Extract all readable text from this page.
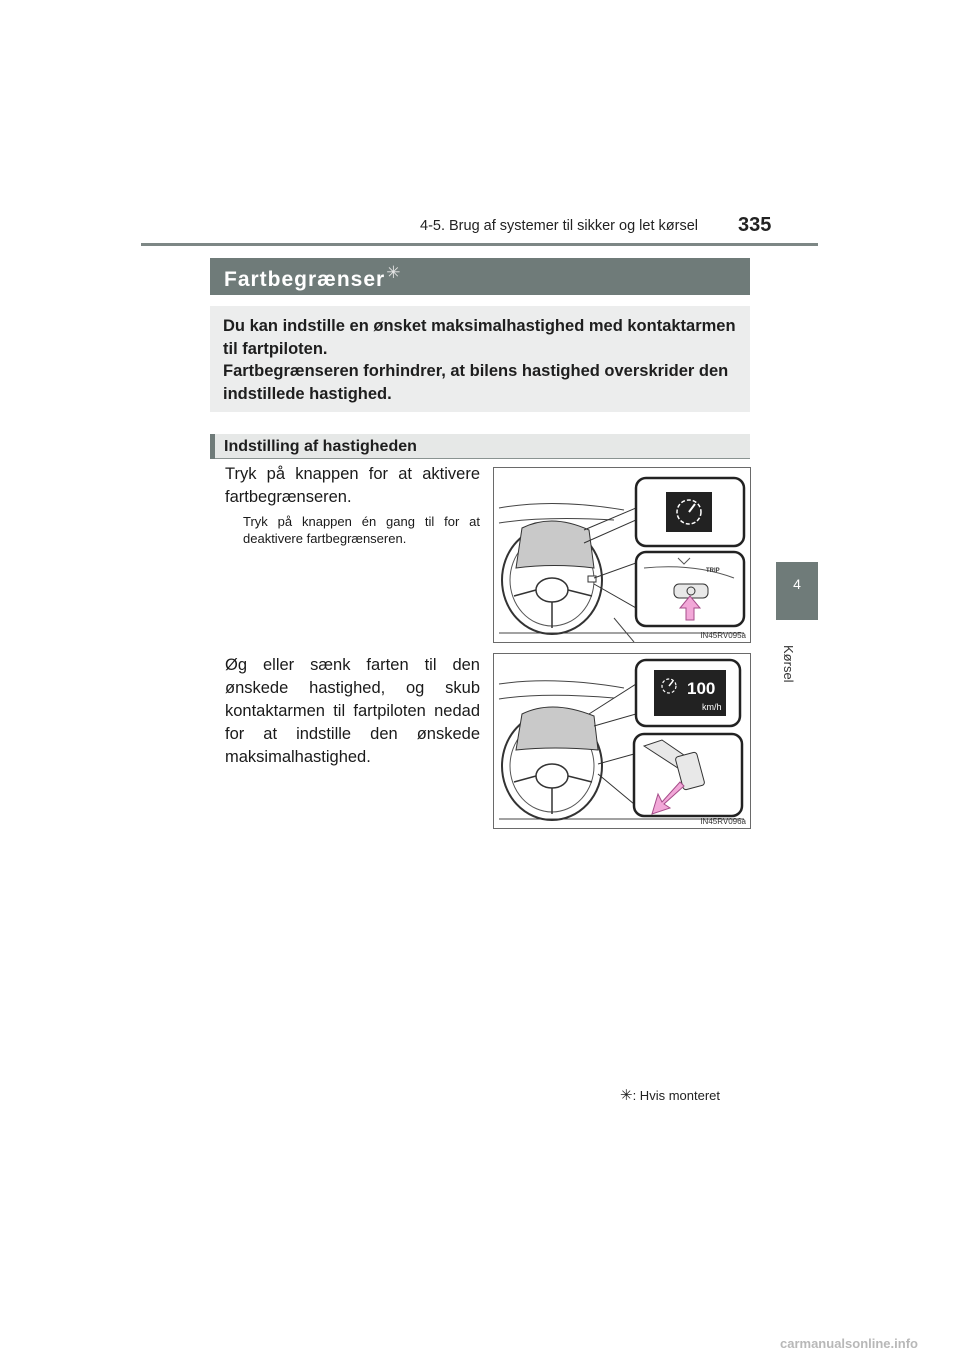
4-5. Brug af systemer til sikker og let kørsel 335
4
Kørsel
Fartbegrænser✳
Du kan indstille en ønsket maksimalhastighed med kontaktarmen til fartpiloten.
Fartbegrænseren forhindrer, at bilens hastighed overskrider den indstillede hastighed.
Indstilling af hastigheden
Tryk på knappen for at aktivere fartbegrænseren.
Tryk på knappen én gang til for at deaktivere fartbegrænseren.
TRIP
IN45RV095a
Øg eller sænk farten til den ønskede hastighed, og skub kontaktarmen til fartpiloten nedad for at indstille den ønskede maksimalhastighed.
100
km/h
IN45RV096a
✳: Hvis monteret
carmanualsonline.info
